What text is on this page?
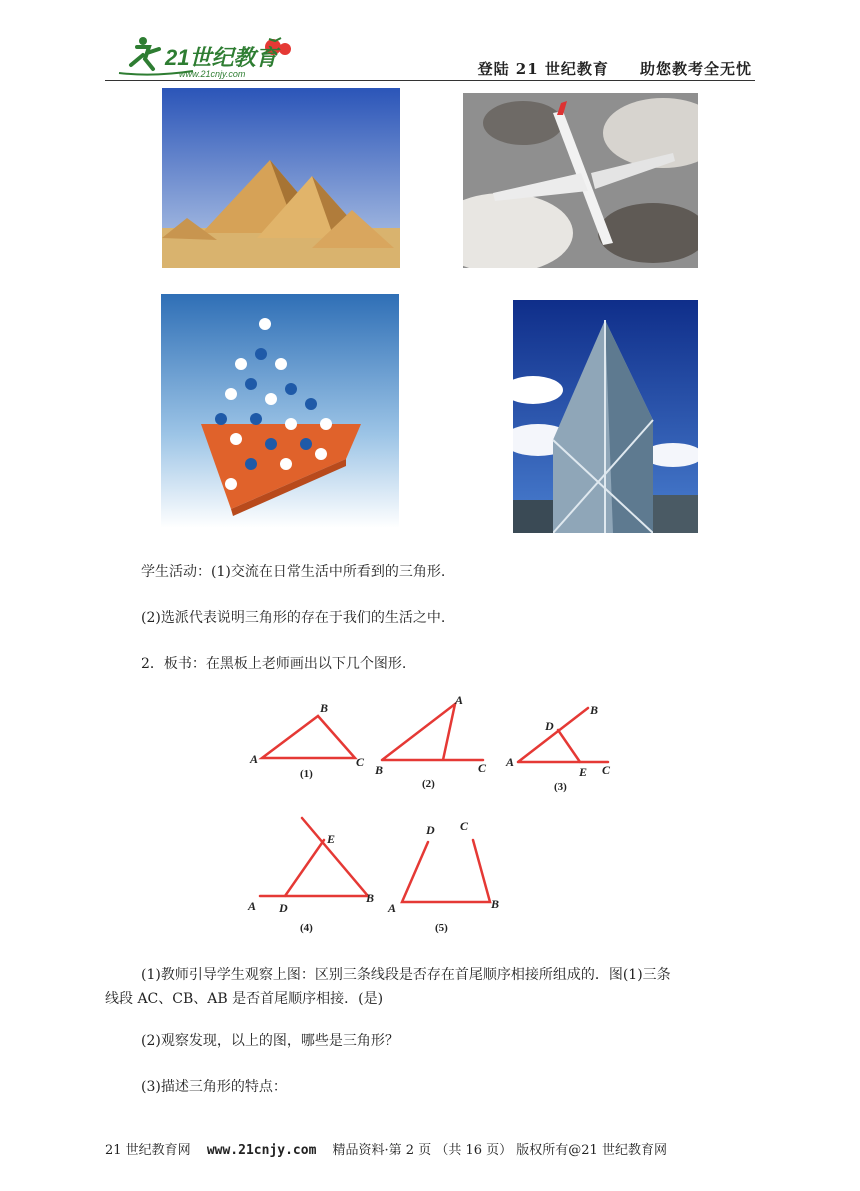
21世纪教育
www.21cnjy.com	登陆 21 世纪教育     助您教考全无忧
学生活动：(1)交流在日常生活中所看到的三角形.
(2)选派代表说明三角形的存在于我们的生活之中.
2．板书：在黑板上老师画出以下几个图形.
A
B
C
(1)
A
B	C
(2)
A
B
C
D
E
(3)
A
B
D
E
(4)
A	B
C
D
(5)
(1)教师引导学生观察上图：区别三条线段是否存在首尾顺序相接所组成的．图(1)三条
线段 AC、CB、AB 是否首尾顺序相接．(是)
(2)观察发现，以上的图，哪些是三角形？
(3)描述三角形的特点：
21 世纪教育网 www.21cnjy.com 精品资料·第 2 页 （共 16 页） 版权所有@21 世纪教育网
